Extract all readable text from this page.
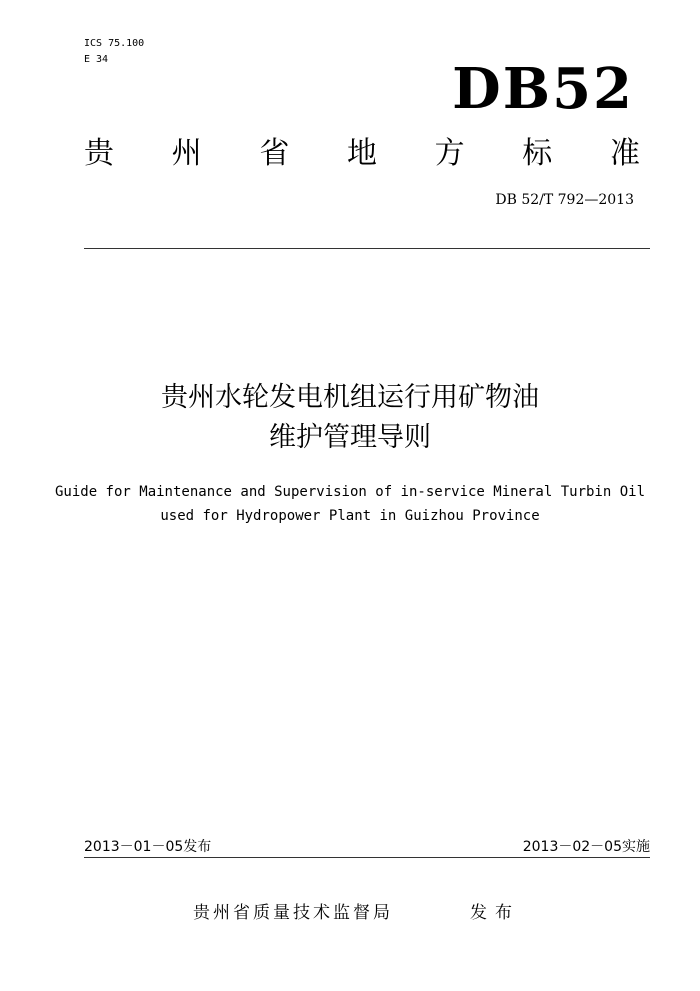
ICS 75.100
E 34	DB52
贵 州 省 地 方 标 准
DB 52/T 792—2013
贵州水轮发电机组运行用矿物油
维护管理导则
Guide for Maintenance and Supervision of in-service Mineral Turbin Oil
used for Hydropower Plant in Guizhou Province
2013－01－05发布	2013－02－05实施
贵州省质量技术监督局	发布
